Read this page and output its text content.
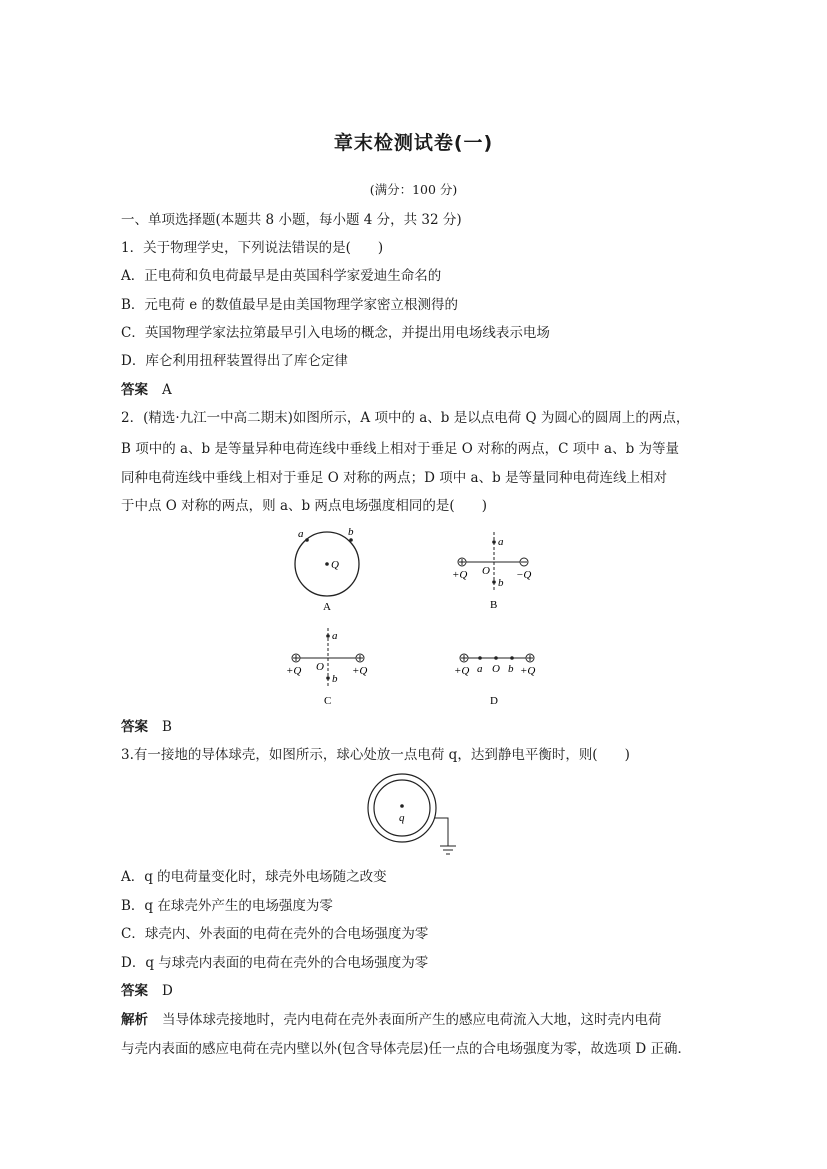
章末检测试卷(一)
(满分：100 分)
一、单项选择题(本题共 8 小题，每小题 4 分，共 32 分)
1．关于物理学史，下列说法错误的是(　　)
A．正电荷和负电荷最早是由英国科学家爱迪生命名的
B．元电荷 e 的数值最早是由美国物理学家密立根测得的
C．英国物理学家法拉第最早引入电场的概念，并提出用电场线表示电场
D．库仑利用扭秤装置得出了库仑定律
答案 A
2．(精选·九江一中高二期末)如图所示，A 项中的 a、b 是以点电荷 Q 为圆心的圆周上的两点，
B 项中的 a、b 是等量异种电荷连线中垂线上相对于垂足 O 对称的两点，C 项中 a、b 为等量
同种电荷连线中垂线上相对于垂足 O 对称的两点；D 项中 a、b 是等量同种电荷连线上相对
于中点 O 对称的两点，则 a、b 两点电场强度相同的是(　　)
a	b
Q
A
a
b
O
+Q	−Q
B
a
b
O
+Q	+Q
C
+Q a O b +Q
D
答案 B
3.有一接地的导体球壳，如图所示，球心处放一点电荷 q，达到静电平衡时，则(　　)
q
A．q 的电荷量变化时，球壳外电场随之改变
B．q 在球壳外产生的电场强度为零
C．球壳内、外表面的电荷在壳外的合电场强度为零
D．q 与球壳内表面的电荷在壳外的合电场强度为零
答案 D
解析 当导体球壳接地时，壳内电荷在壳外表面所产生的感应电荷流入大地，这时壳内电荷
与壳内表面的感应电荷在壳内壁以外(包含导体壳层)任一点的合电场强度为零，故选项 D 正确．
